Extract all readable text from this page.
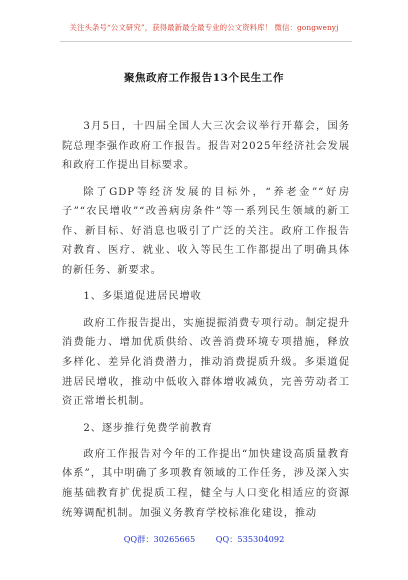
关注头条号“公文研究”，获得最新最全最专业的公文资料库！ 微信：gongwenyj
聚焦政府工作报告13个民生工作

3月5日，十四届全国人大三次会议举行开幕会，国务院总理李强作政府工作报告。报告对2025年经济社会发展和政府工作提出目标要求。

除了GDP等经济发展的目标外，“养老金”“好房子”“农民增收”“改善病房条件”等一系列民生领域的新工作、新目标、好消息也吸引了广泛的关注。政府工作报告对教育、医疗、就业、收入等民生工作都提出了明确具体的新任务、新要求。

1、多渠道促进居民增收

政府工作报告提出，实施提振消费专项行动。制定提升消费能力、增加优质供给、改善消费环境专项措施，释放多样化、差异化消费潜力，推动消费提质升级。多渠道促进居民增收，推动中低收入群体增收减负，完善劳动者工资正常增长机制。

2、逐步推行免费学前教育

政府工作报告对今年的工作提出“加快建设高质量教育体系”，其中明确了多项教育领域的工作任务，涉及深入实施基础教育扩优提质工程，健全与人口变化相适应的资源统筹调配机制。加强义务教育学校标准化建设，推动

QQ群：30265665	QQ：535304092
